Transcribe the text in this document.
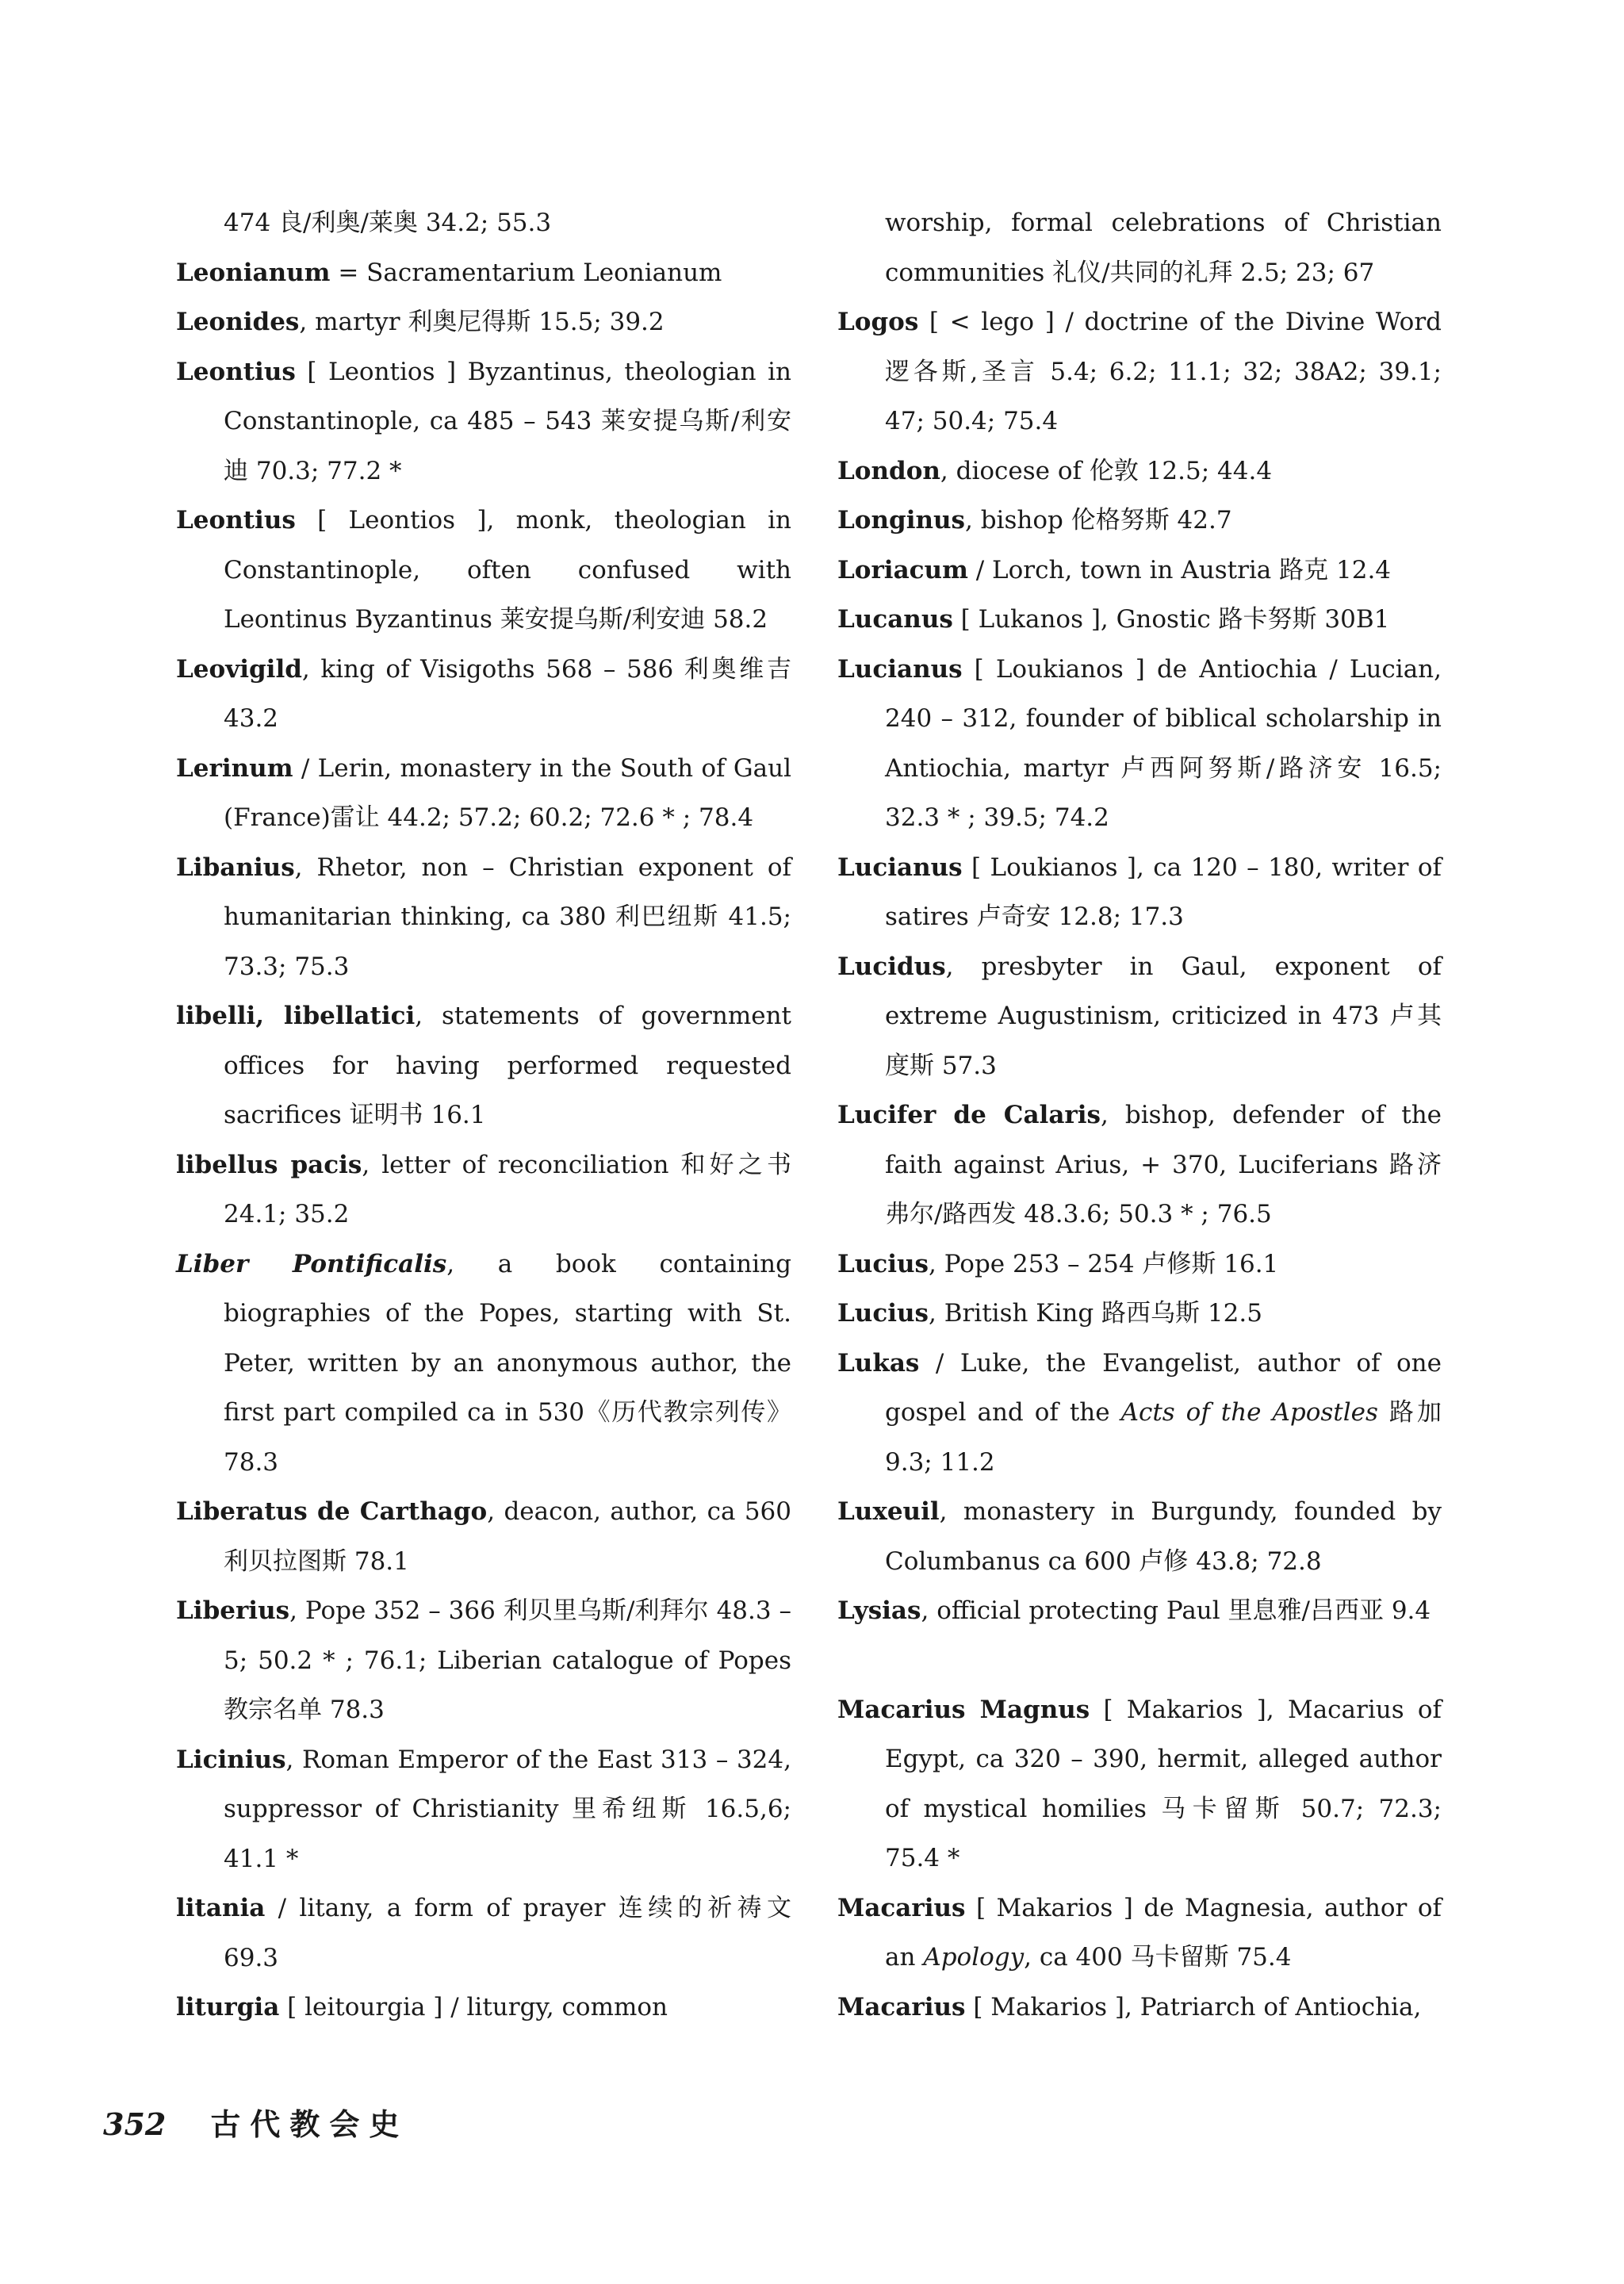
474 良/利奥/莱奥 34.2; 55.3
Leonianum = Sacramentarium Leonianum
Leonides, martyr 利奥尼得斯 15.5; 39.2
Leontius [ Leontios ] Byzantinus, theologian in Constantinople, ca 485 – 543 莱安提乌斯/利安迪 70.3; 77.2 *
Leontius [ Leontios ], monk, theologian in Constantinople, often confused with Leontinus Byzantinus 莱安提乌斯/利安迪 58.2
Leovigild, king of Visigoths 568 – 586 利奥维吉 43.2
Lerinum / Lerin, monastery in the South of Gaul (France)雷让 44.2; 57.2; 60.2; 72.6 * ; 78.4
Libanius, Rhetor, non – Christian exponent of humanitarian thinking, ca 380 利巴纽斯 41.5; 73.3; 75.3
libelli, libellatici, statements of government offices for having performed requested sacrifices 证明书 16.1
libellus pacis, letter of reconciliation 和好之书 24.1; 35.2
Liber Pontificalis, a book containing biographies of the Popes, starting with St. Peter, written by an anonymous author, the first part compiled ca in 530《历代教宗列传》78.3
Liberatus de Carthago, deacon, author, ca 560 利贝拉图斯 78.1
Liberius, Pope 352 – 366 利贝里乌斯/利拜尔 48.3 – 5; 50.2 * ; 76.1; Liberian catalogue of Popes 教宗名单 78.3
Licinius, Roman Emperor of the East 313 – 324, suppressor of Christianity 里希纽斯 16.5,6; 41.1 *
litania / litany, a form of prayer 连续的祈祷文 69.3
liturgia [ leitourgia ] / liturgy, common
worship, formal celebrations of Christian communities 礼仪/共同的礼拜 2.5; 23; 67
Logos [ < lego ] / doctrine of the Divine Word 逻各斯,圣言 5.4; 6.2; 11.1; 32; 38A2; 39.1; 47; 50.4; 75.4
London, diocese of 伦敦 12.5; 44.4
Longinus, bishop 伦格努斯 42.7
Loriacum / Lorch, town in Austria 路克 12.4
Lucanus [ Lukanos ], Gnostic 路卡努斯 30B1
Lucianus [ Loukianos ] de Antiochia / Lucian, 240 – 312, founder of biblical scholarship in Antiochia, martyr 卢西阿努斯/路济安 16.5; 32.3 * ; 39.5; 74.2
Lucianus [ Loukianos ], ca 120 – 180, writer of satires 卢奇安 12.8; 17.3
Lucidus, presbyter in Gaul, exponent of extreme Augustinism, criticized in 473 卢其度斯 57.3
Lucifer de Calaris, bishop, defender of the faith against Arius, + 370, Luciferians 路济弗尔/路西发 48.3.6; 50.3 * ; 76.5
Lucius, Pope 253 – 254 卢修斯 16.1
Lucius, British King 路西乌斯 12.5
Lukas / Luke, the Evangelist, author of one gospel and of the Acts of the Apostles 路加 9.3; 11.2
Luxeuil, monastery in Burgundy, founded by Columbanus ca 600 卢修 43.8; 72.8
Lysias, official protecting Paul 里息雅/吕西亚 9.4
Macarius Magnus [ Makarios ], Macarius of Egypt, ca 320 – 390, hermit, alleged author of mystical homilies 马卡留斯 50.7; 72.3; 75.4 *
Macarius [ Makarios ] de Magnesia, author of an Apology, ca 400 马卡留斯 75.4
Macarius [ Makarios ], Patriarch of Antiochia,
352 古代教会史
